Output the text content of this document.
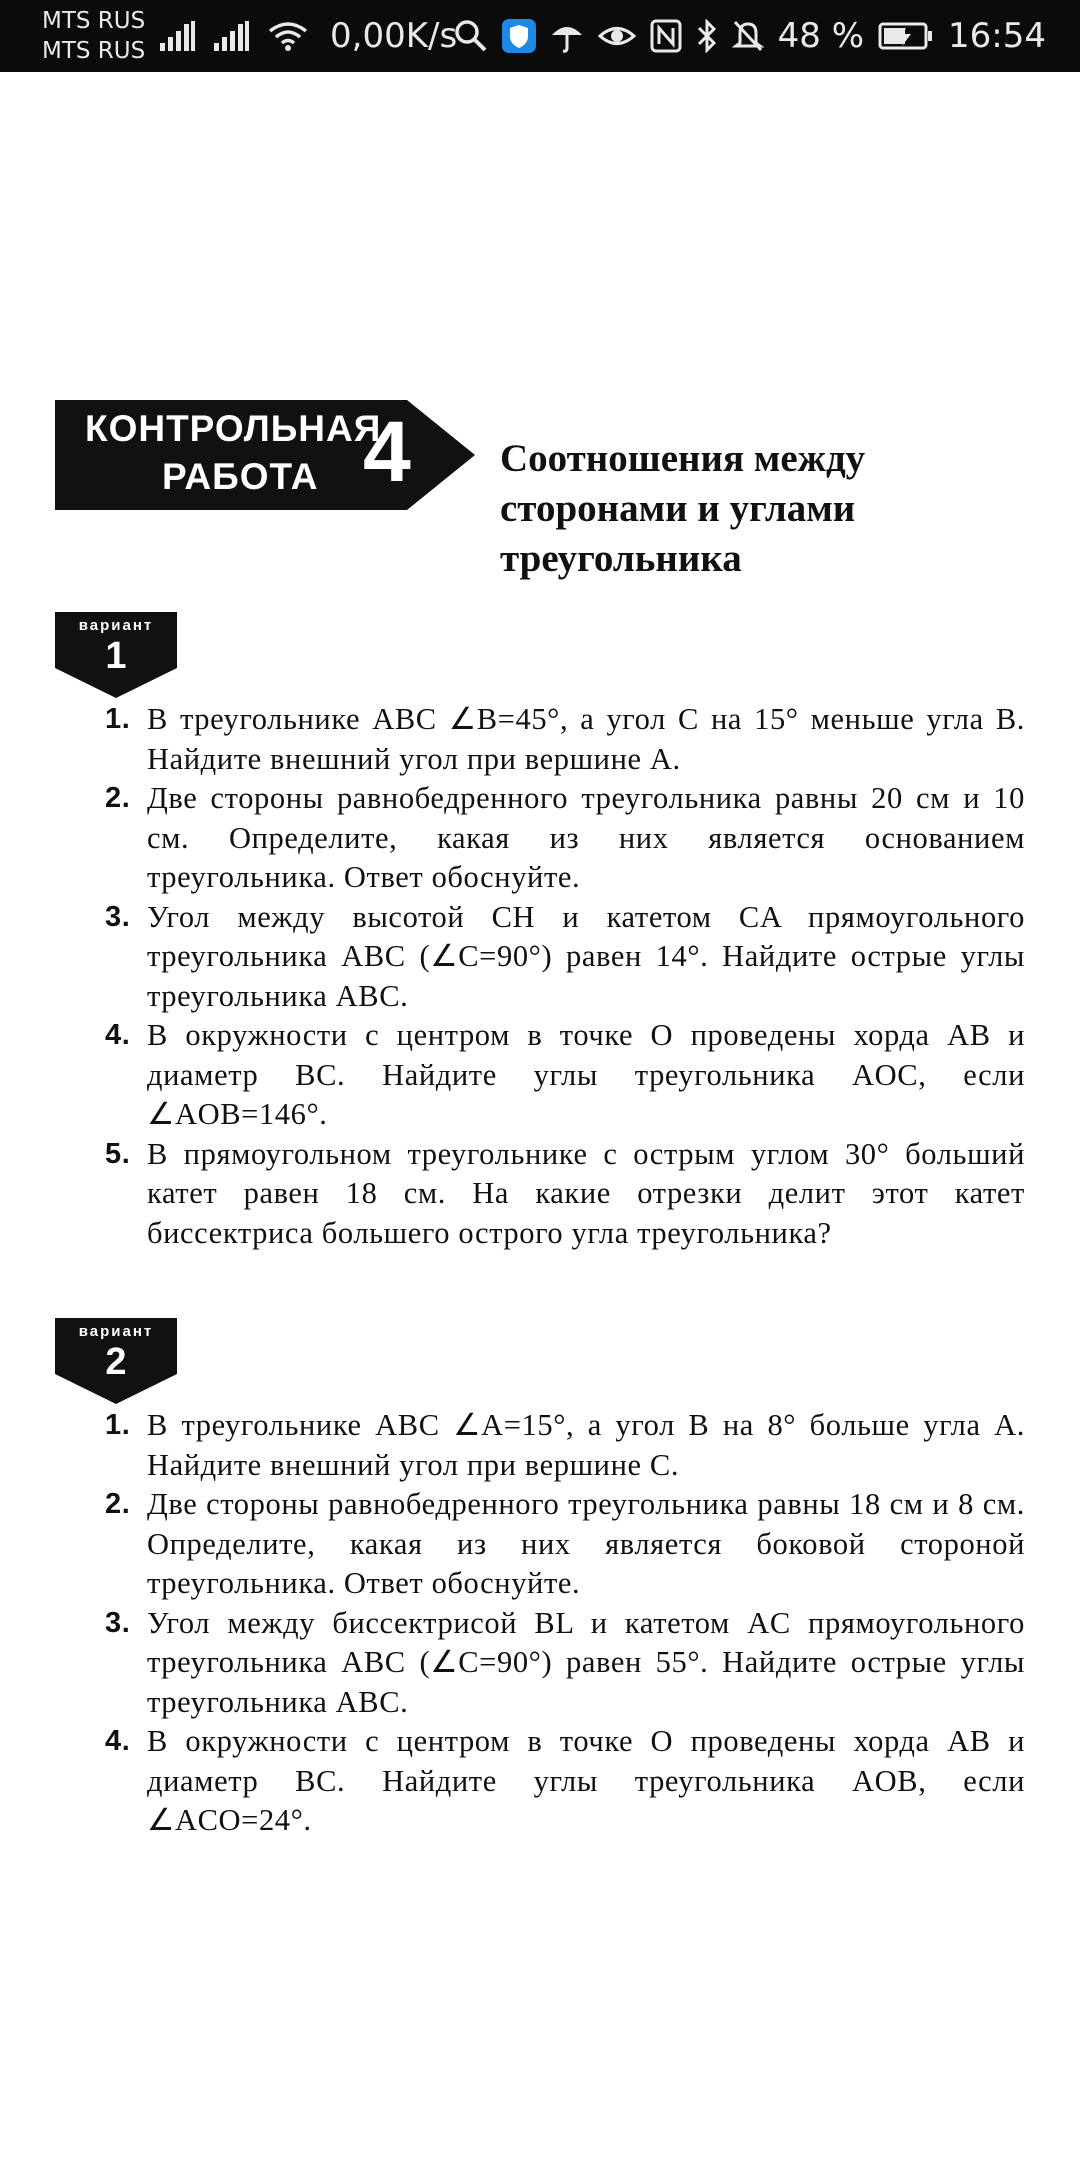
MTS RUS
MTS RUS	0,00K/s	48 % 16:54
КОНТРОЛЬНАЯ
РАБОТА 4 Соотношения между
сторонами и углами
треугольника
вариант
1
1. В треугольнике ABC ∠B=45°, а угол C на 15° меньше угла B. Найдите внешний угол при вершине A.
2. Две стороны равнобедренного треугольника равны 20 см и 10 см. Определите, какая из них является основанием треугольника. Ответ обоснуйте.
3. Угол между высотой CH и катетом CA прямоугольного треугольника ABC (∠C=90°) равен 14°. Найдите острые углы треугольника ABC.
4. В окружности с центром в точке O проведены хорда AB и диаметр BC. Найдите углы треугольника AOC, если ∠AOB=146°.
5. В прямоугольном треугольнике с острым углом 30° больший катет равен 18 см. На какие отрезки делит этот катет биссектриса большего острого угла треугольника?
вариант
2
1. В треугольнике ABC ∠A=15°, а угол B на 8° больше угла A. Найдите внешний угол при вершине C.
2. Две стороны равнобедренного треугольника равны 18 см и 8 см. Определите, какая из них является боковой стороной треугольника. Ответ обоснуйте.
3. Угол между биссектрисой BL и катетом AC прямоугольного треугольника ABC (∠C=90°) равен 55°. Найдите острые углы треугольника ABC.
4. В окружности с центром в точке O проведены хорда AB и диаметр BC. Найдите углы треугольника AOB, если ∠ACO=24°.
